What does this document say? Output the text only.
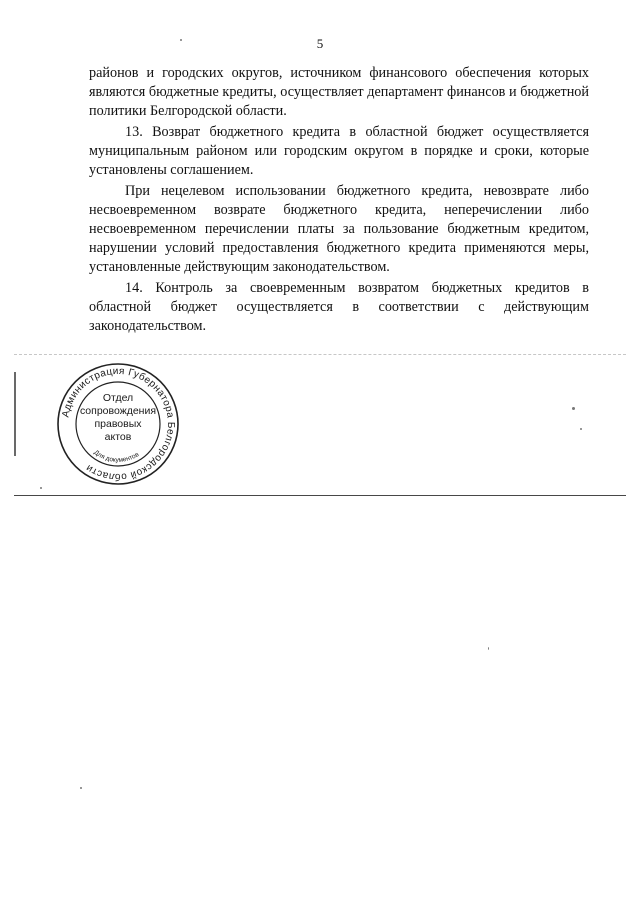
5

районов и городских округов, источником финансового обеспечения которых являются бюджетные кредиты, осуществляет департамент финансов и бюджетной политики Белгородской области.

13. Возврат бюджетного кредита в областной бюджет осуществляется муниципальным районом или городским округом в порядке и сроки, которые установлены соглашением.

При нецелевом использовании бюджетного кредита, невозврате либо несвоевременном возврате бюджетного кредита, неперечислении либо несвоевременном перечислении платы за пользование бюджетным кредитом, нарушении условий предоставления бюджетного кредита применяются меры, установленные действующим законодательством.

14. Контроль за своевременным возвратом бюджетных кредитов в областной бюджет осуществляется в соответствии с действующим законодательством.

Администрация Губернатора Белгородской области
Для документов
Отдел
сопровождения
правовых
актов
